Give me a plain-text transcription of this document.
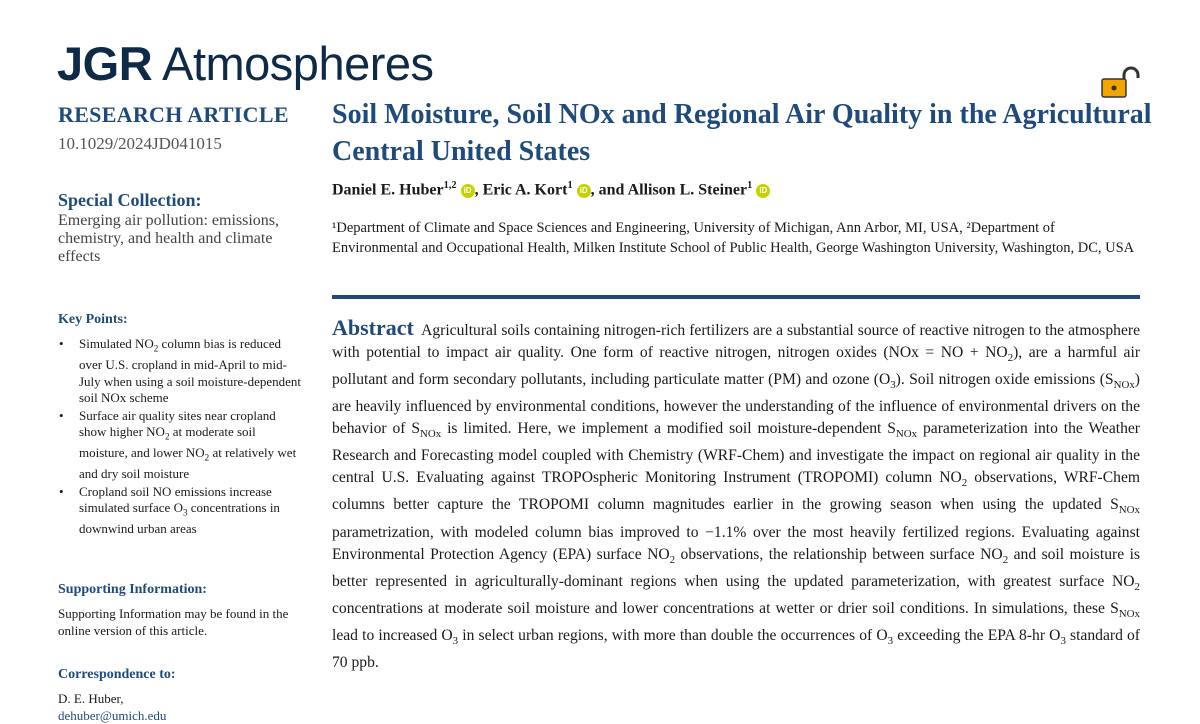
JGR Atmospheres
RESEARCH ARTICLE
10.1029/2024JD041015
Special Collection:
Emerging air pollution: emissions, chemistry, and health and climate effects
Key Points:
• Simulated $NO_2$ column bias is reduced over U.S. cropland in mid-April to mid-July when using a soil moisture-dependent soil NOx scheme
• Surface air quality sites near cropland show higher $NO_2$ at moderate soil moisture, and lower $NO_2$ at relatively wet and dry soil moisture
• Cropland soil NO emissions increase simulated surface $O_3$ concentrations in downwind urban areas
Supporting Information:
Supporting Information may be found in the online version of this article.
Correspondence to:
D. E. Huber,
dehuber@umich.edu
Soil Moisture, Soil NOx and Regional Air Quality in the Agricultural Central United States
Daniel E. Huber$^{1,2}$ iD , Eric A. Kort$^1$ iD , and Allison L. Steiner$^1$ iD
¹Department of Climate and Space Sciences and Engineering, University of Michigan, Ann Arbor, MI, USA, ²Department of Environmental and Occupational Health, Milken Institute School of Public Health, George Washington University, Washington, DC, USA
Abstract  Agricultural soils containing nitrogen-rich fertilizers are a substantial source of reactive nitrogen to the atmosphere with potential to impact air quality. One form of reactive nitrogen, nitrogen oxides (NOx = NO + $NO_2$), are a harmful air pollutant and form secondary pollutants, including particulate matter (PM) and ozone $(O_3)$. Soil nitrogen oxide emissions $(S_{NOx})$ are heavily influenced by environmental conditions, however the understanding of the influence of environmental drivers on the behavior of $S_{NOx}$ is limited. Here, we implement a modified soil moisture-dependent $S_{NOx}$ parameterization into the Weather Research and Forecasting model coupled with Chemistry (WRF-Chem) and investigate the impact on regional air quality in the central U.S. Evaluating against TROPOspheric Monitoring Instrument (TROPOMI) column $NO_2$ observations, WRF-Chem columns better capture the TROPOMI column magnitudes earlier in the growing season when using the updated $S_{NOx}$ parametrization, with modeled column bias improved to −1.1% over the most heavily fertilized regions. Evaluating against Environmental Protection Agency (EPA) surface $NO_2$ observations, the relationship between surface $NO_2$ and soil moisture is better represented in agriculturally-dominant regions when using the updated parameterization, with greatest surface $NO_2$ concentrations at moderate soil moisture and lower concentrations at wetter or drier soil conditions. In simulations, these $S_{NOx}$ lead to increased $O_3$ in select urban regions, with more than double the occurrences of $O_3$ exceeding the EPA 8-hr $O_3$ standard of 70 ppb.
